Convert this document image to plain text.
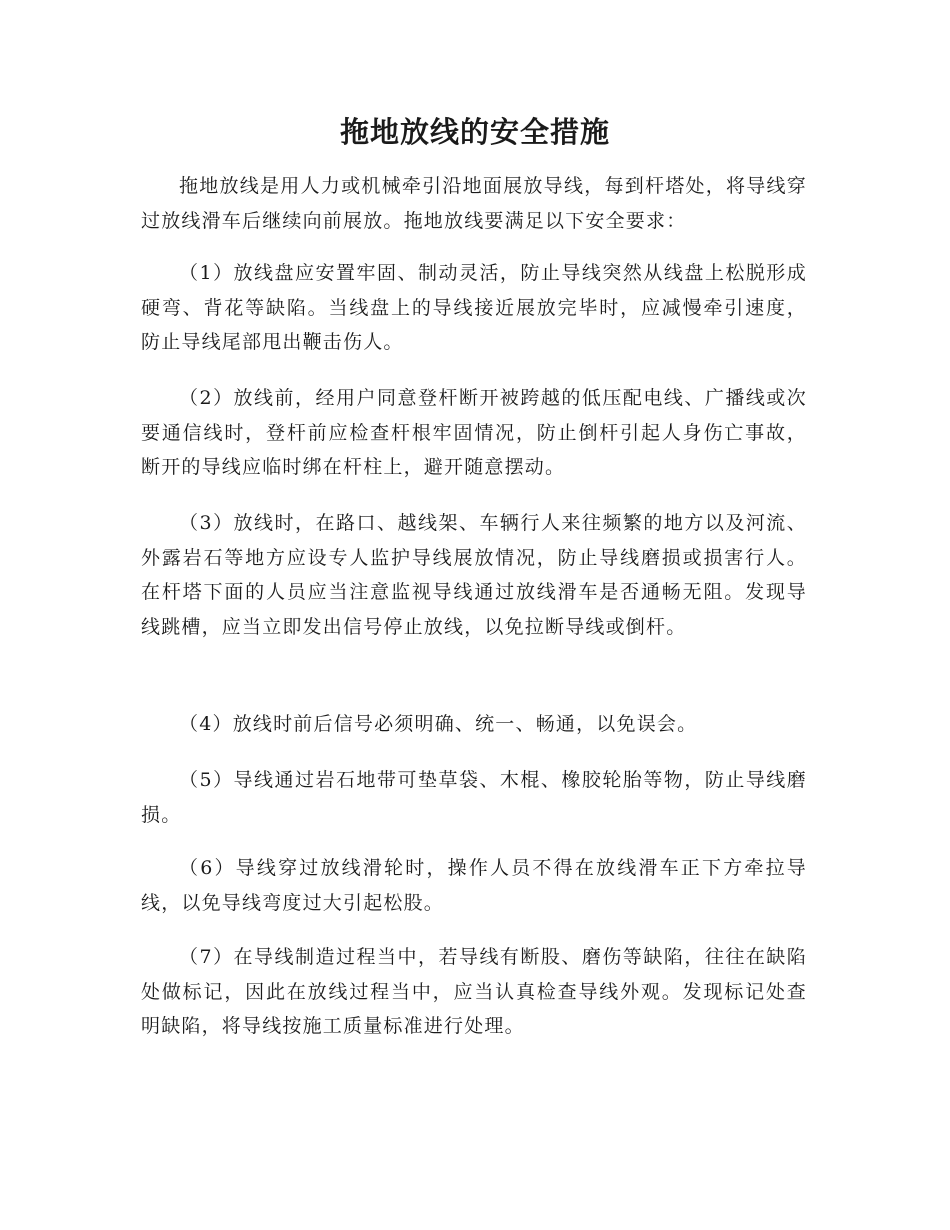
拖地放线的安全措施

拖地放线是用人力或机械牵引沿地面展放导线，每到杆塔处，将导线穿过放线滑车后继续向前展放。拖地放线要满足以下安全要求：

（1）放线盘应安置牢固、制动灵活，防止导线突然从线盘上松脱形成硬弯、背花等缺陷。当线盘上的导线接近展放完毕时，应减慢牵引速度，防止导线尾部甩出鞭击伤人。

（2）放线前，经用户同意登杆断开被跨越的低压配电线、广播线或次要通信线时，登杆前应检查杆根牢固情况，防止倒杆引起人身伤亡事故，断开的导线应临时绑在杆柱上，避开随意摆动。

（3）放线时，在路口、越线架、车辆行人来往频繁的地方以及河流、外露岩石等地方应设专人监护导线展放情况，防止导线磨损或损害行人。在杆塔下面的人员应当注意监视导线通过放线滑车是否通畅无阻。发现导线跳槽，应当立即发出信号停止放线，以免拉断导线或倒杆。

（4）放线时前后信号必须明确、统一、畅通，以免误会。

（5）导线通过岩石地带可垫草袋、木棍、橡胶轮胎等物，防止导线磨损。

（6）导线穿过放线滑轮时，操作人员不得在放线滑车正下方牵拉导线，以免导线弯度过大引起松股。

（7）在导线制造过程当中，若导线有断股、磨伤等缺陷，往往在缺陷处做标记，因此在放线过程当中，应当认真检查导线外观。发现标记处查明缺陷，将导线按施工质量标准进行处理。
